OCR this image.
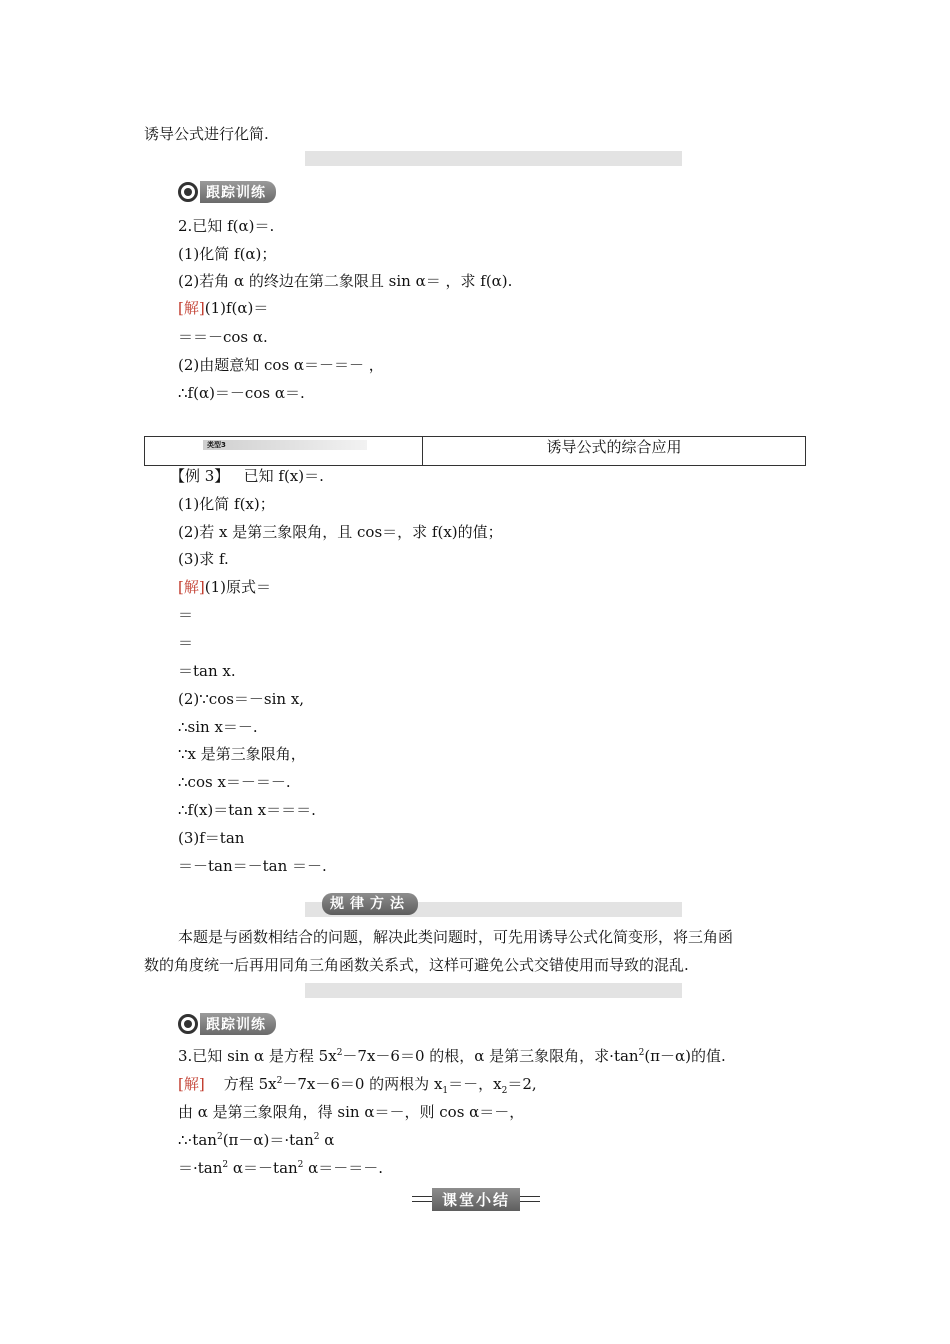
诱导公式进行化简.
跟踪训练
2.已知 f(α)＝.
(1)化简 f(α)；
(2)若角 α 的终边在第二象限且 sin α＝ ，求 f(α).
[解](1)f(α)＝
＝＝－cos α.
(2)由题意知 cos α＝－＝－ ，
∴f(α)＝－cos α＝.
类型3	诱导公式的综合应用
【例 3】 已知 f(x)＝.
(1)化简 f(x)；
(2)若 x 是第三象限角，且 cos＝，求 f(x)的值；
(3)求 f.
[解](1)原式＝
＝
＝
＝tan x.
(2)∵cos＝－sin x,
∴sin x＝－.
∵x 是第三象限角，
∴cos x＝－＝－.
∴f(x)＝tan x＝＝＝.
(3)f＝tan
＝－tan＝－tan ＝－.
规律方法
本题是与函数相结合的问题，解决此类问题时，可先用诱导公式化简变形，将三角函
数的角度统一后再用同角三角函数关系式，这样可避免公式交错使用而导致的混乱.
跟踪训练
3.已知 sin α 是方程 $5x^2-7x-6=0$ 的根，α 是第三象限角，求$\cdot\tan^2(\pi-\alpha)$的值.
[解] 方程 $5x^2-7x-6=0$ 的两根为 $x_1=-$，$x_2=2$,
由 α 是第三象限角，得 sin α＝－，则 cos α＝－，
$\therefore\cdot\tan^2(\pi-\alpha)=\cdot\tan^2$ α
$=\cdot\tan^2$ $\alpha=-\tan^2$ α＝－＝－.
课堂小结
